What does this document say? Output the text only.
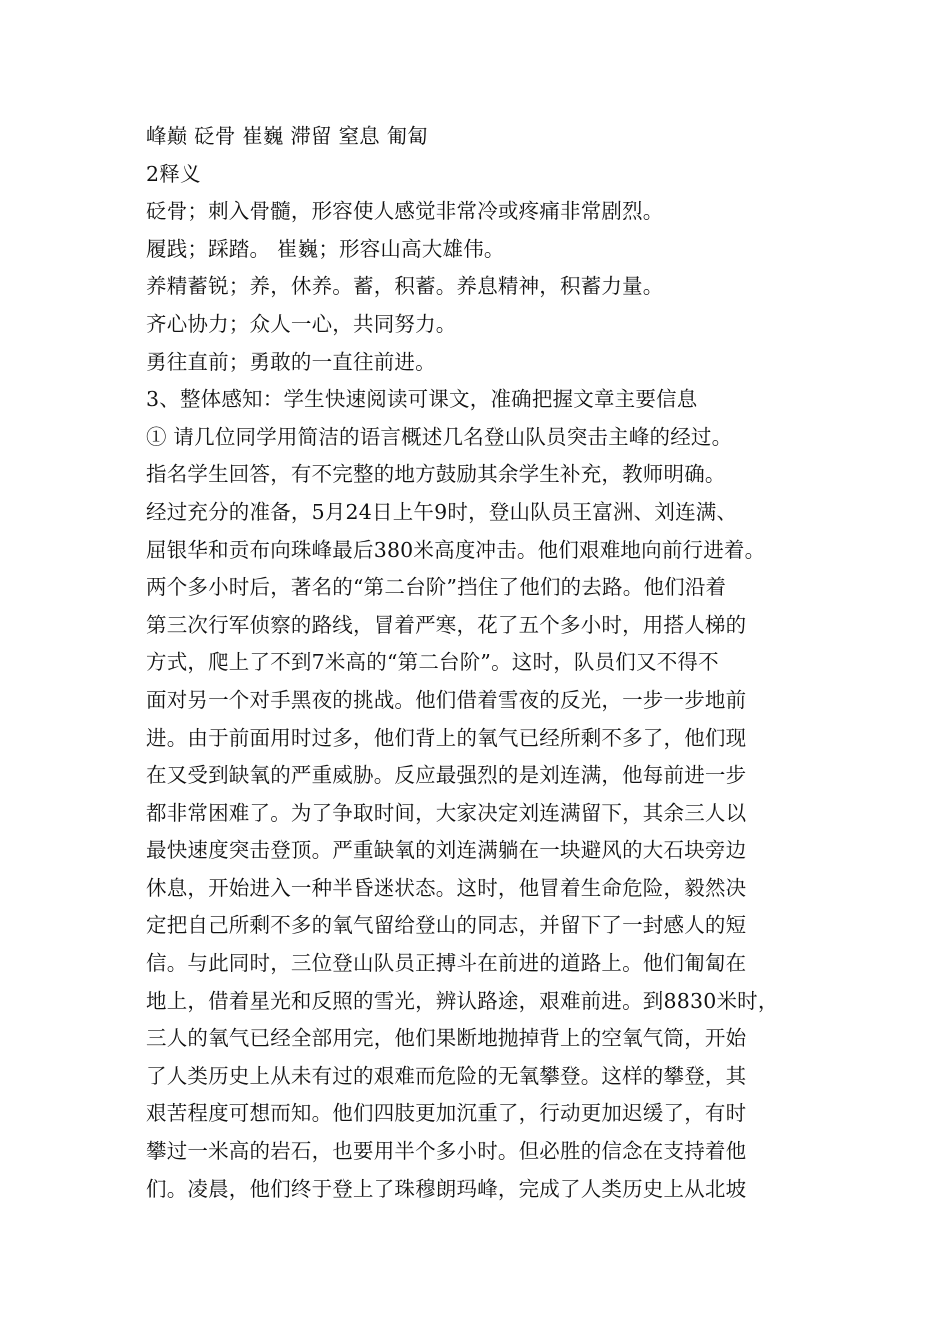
峰巅 砭骨 崔巍 滞留 窒息 匍匐
2释义
砭骨；刺入骨髓，形容使人感觉非常冷或疼痛非常剧烈。
履践；踩踏。 崔巍；形容山高大雄伟。
养精蓄锐；养，休养。蓄，积蓄。养息精神，积蓄力量。
齐心协力；众人一心，共同努力。
勇往直前；勇敢的一直往前进。
3、整体感知：学生快速阅读可课文，准确把握文章主要信息
① 请几位同学用简洁的语言概述几名登山队员突击主峰的经过。
指名学生回答，有不完整的地方鼓励其余学生补充，教师明确。
经过充分的准备，5月24日上午9时，登山队员王富洲、刘连满、
屈银华和贡布向珠峰最后380米高度冲击。他们艰难地向前行进着。
两个多小时后，著名的“第二台阶”挡住了他们的去路。他们沿着
第三次行军侦察的路线，冒着严寒，花了五个多小时，用搭人梯的
方式，爬上了不到7米高的“第二台阶”。这时，队员们又不得不
面对另一个对手黑夜的挑战。他们借着雪夜的反光，一步一步地前
进。由于前面用时过多，他们背上的氧气已经所剩不多了，他们现
在又受到缺氧的严重威胁。反应最强烈的是刘连满，他每前进一步
都非常困难了。为了争取时间，大家决定刘连满留下，其余三人以
最快速度突击登顶。严重缺氧的刘连满躺在一块避风的大石块旁边
休息，开始进入一种半昏迷状态。这时，他冒着生命危险，毅然决
定把自己所剩不多的氧气留给登山的同志，并留下了一封感人的短
信。与此同时，三位登山队员正搏斗在前进的道路上。他们匍匐在
地上，借着星光和反照的雪光，辨认路途，艰难前进。到8830米时，
三人的氧气已经全部用完，他们果断地抛掉背上的空氧气筒，开始
了人类历史上从未有过的艰难而危险的无氧攀登。这样的攀登，其
艰苦程度可想而知。他们四肢更加沉重了，行动更加迟缓了，有时
攀过一米高的岩石，也要用半个多小时。但必胜的信念在支持着他
们。凌晨，他们终于登上了珠穆朗玛峰，完成了人类历史上从北坡
